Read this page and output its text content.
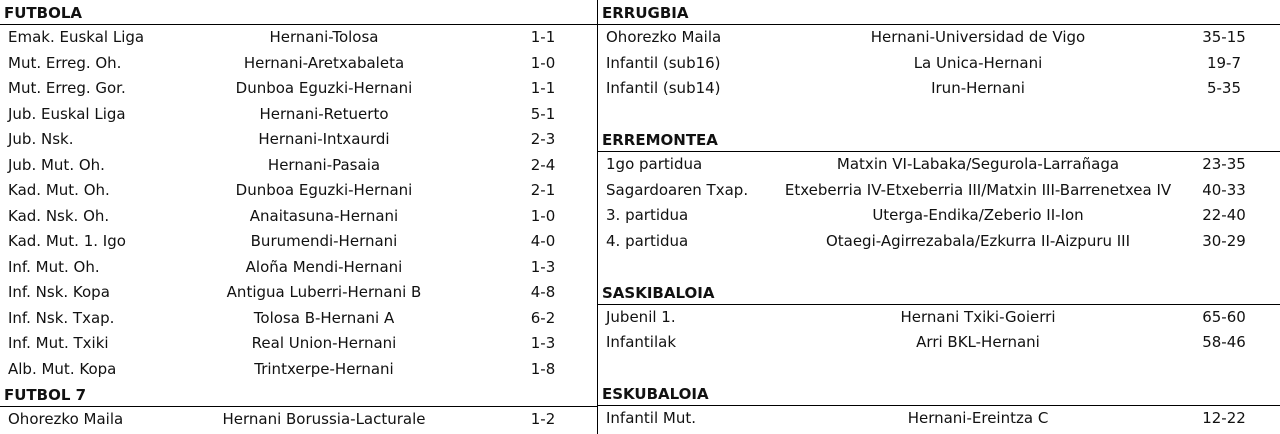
FUTBOLA
Emak. Euskal Liga	Hernani-Tolosa	1-1
Mut. Erreg. Oh.	Hernani-Aretxabaleta	1-0
Mut. Erreg. Gor.	Dunboa Eguzki-Hernani	1-1
Jub. Euskal Liga	Hernani-Retuerto	5-1
Jub. Nsk.	Hernani-Intxaurdi	2-3
Jub. Mut. Oh.	Hernani-Pasaia	2-4
Kad. Mut. Oh.	Dunboa Eguzki-Hernani	2-1
Kad. Nsk. Oh.	Anaitasuna-Hernani	1-0
Kad. Mut. 1. Igo	Burumendi-Hernani	4-0
Inf. Mut. Oh.	Aloña Mendi-Hernani	1-3
Inf. Nsk. Kopa	Antigua Luberri-Hernani B	4-8
Inf. Nsk. Txap.	Tolosa B-Hernani A	6-2
Inf. Mut. Txiki	Real Union-Hernani	1-3
Alb. Mut. Kopa	Trintxerpe-Hernani	1-8
FUTBOL 7
Ohorezko Maila	Hernani Borussia-Lacturale	1-2
ERRUGBIA
Ohorezko Maila	Hernani-Universidad de Vigo	35-15
Infantil (sub16)	La Unica-Hernani	19-7
Infantil (sub14)	Irun-Hernani	5-35
ERREMONTEA
1go partidua	Matxin VI-Labaka/Segurola-Larrañaga	23-35
Sagardoaren Txap.	Etxeberria IV-Etxeberria III/Matxin III-Barrenetxea IV	40-33
3. partidua	Uterga-Endika/Zeberio II-Ion	22-40
4. partidua	Otaegi-Agirrezabala/Ezkurra II-Aizpuru III	30-29
SASKIBALOIA
Jubenil 1.	Hernani Txiki-Goierri	65-60
Infantilak	Arri BKL-Hernani	58-46
ESKUBALOIA
Infantil Mut.	Hernani-Ereintza C	12-22
